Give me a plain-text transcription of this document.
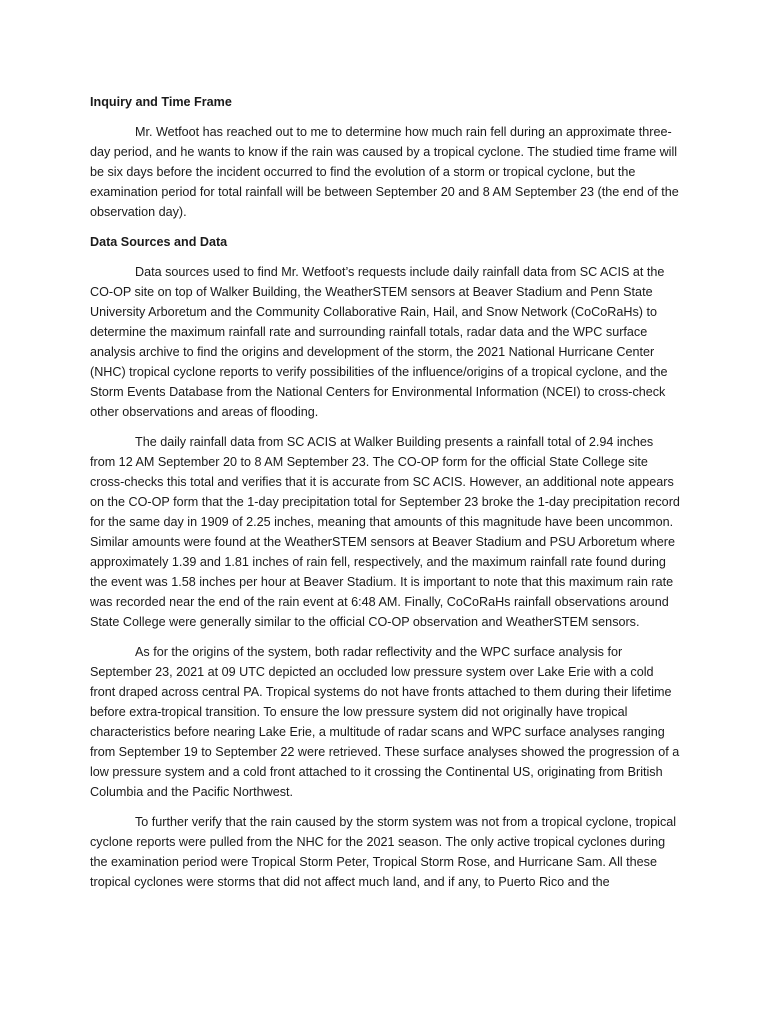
Inquiry and Time Frame

Mr. Wetfoot has reached out to me to determine how much rain fell during an approximate three-day period, and he wants to know if the rain was caused by a tropical cyclone. The studied time frame will be six days before the incident occurred to find the evolution of a storm or tropical cyclone, but the examination period for total rainfall will be between September 20 and 8 AM September 23 (the end of the observation day).

Data Sources and Data

Data sources used to find Mr. Wetfoot’s requests include daily rainfall data from SC ACIS at the CO-OP site on top of Walker Building, the WeatherSTEM sensors at Beaver Stadium and Penn State University Arboretum and the Community Collaborative Rain, Hail, and Snow Network (CoCoRaHs) to determine the maximum rainfall rate and surrounding rainfall totals, radar data and the WPC surface analysis archive to find the origins and development of the storm, the 2021 National Hurricane Center (NHC) tropical cyclone reports to verify possibilities of the influence/origins of a tropical cyclone, and the Storm Events Database from the National Centers for Environmental Information (NCEI) to cross-check other observations and areas of flooding.

The daily rainfall data from SC ACIS at Walker Building presents a rainfall total of 2.94 inches from 12 AM September 20 to 8 AM September 23. The CO-OP form for the official State College site cross-checks this total and verifies that it is accurate from SC ACIS. However, an additional note appears on the CO-OP form that the 1-day precipitation total for September 23 broke the 1-day precipitation record for the same day in 1909 of 2.25 inches, meaning that amounts of this magnitude have been uncommon. Similar amounts were found at the WeatherSTEM sensors at Beaver Stadium and PSU Arboretum where approximately 1.39 and 1.81 inches of rain fell, respectively, and the maximum rainfall rate found during the event was 1.58 inches per hour at Beaver Stadium. It is important to note that this maximum rain rate was recorded near the end of the rain event at 6:48 AM. Finally, CoCoRaHs rainfall observations around State College were generally similar to the official CO-OP observation and WeatherSTEM sensors.

As for the origins of the system, both radar reflectivity and the WPC surface analysis for September 23, 2021 at 09 UTC depicted an occluded low pressure system over Lake Erie with a cold front draped across central PA. Tropical systems do not have fronts attached to them during their lifetime before extra-tropical transition. To ensure the low pressure system did not originally have tropical characteristics before nearing Lake Erie, a multitude of radar scans and WPC surface analyses ranging from September 19 to September 22 were retrieved. These surface analyses showed the progression of a low pressure system and a cold front attached to it crossing the Continental US, originating from British Columbia and the Pacific Northwest.

To further verify that the rain caused by the storm system was not from a tropical cyclone, tropical cyclone reports were pulled from the NHC for the 2021 season. The only active tropical cyclones during the examination period were Tropical Storm Peter, Tropical Storm Rose, and Hurricane Sam. All these tropical cyclones were storms that did not affect much land, and if any, to Puerto Rico and the
